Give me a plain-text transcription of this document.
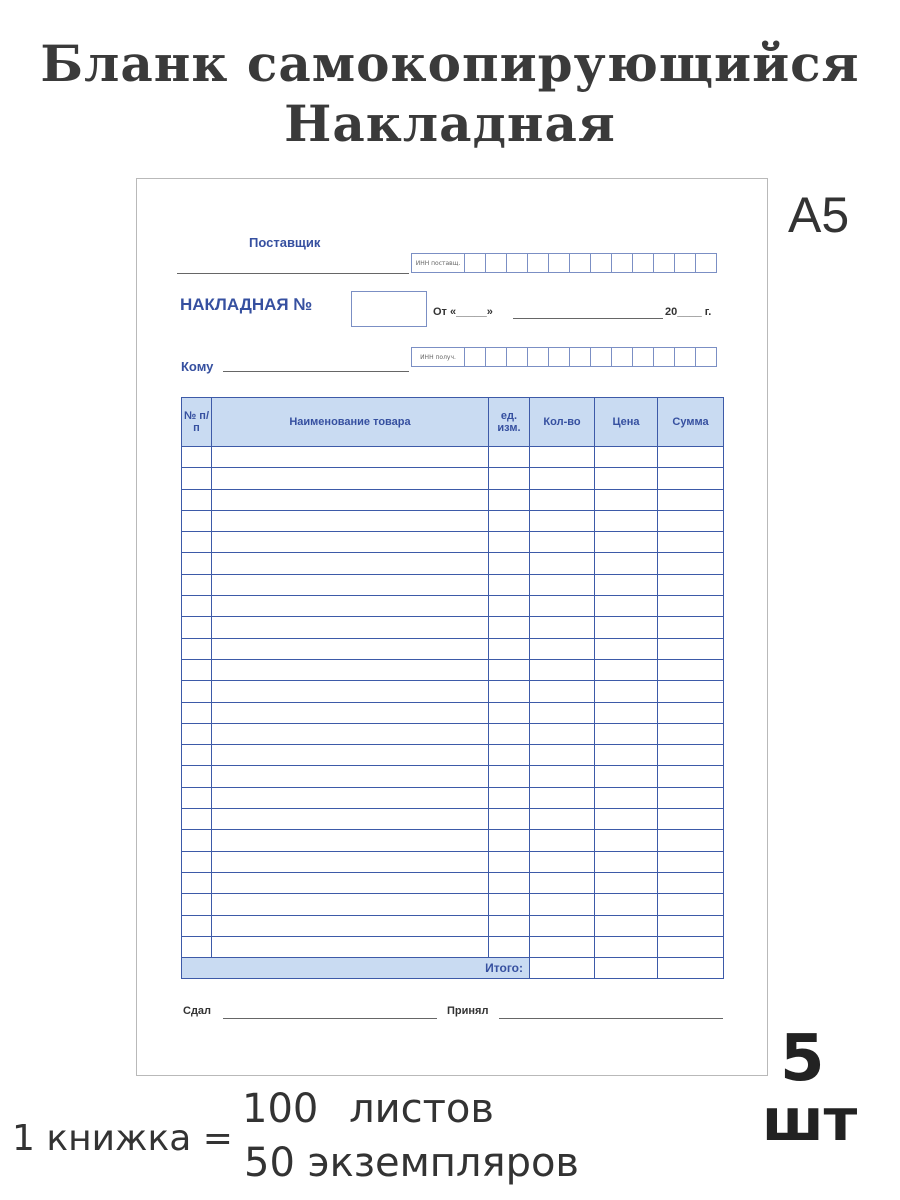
Бланк самокопирующийся
Накладная
A5
Поставщик
ИНН поставщ.
НАКЛАДНАЯ №	От «_____»	20____ г.
Кому
ИНН получ.
№ п/п	Наименование товара	ед. изм.	Кол-во	Цена	Сумма

Итого:					
Сдал	Принял
5
шт
1 книжка =
100 листов
50 экземпляров
